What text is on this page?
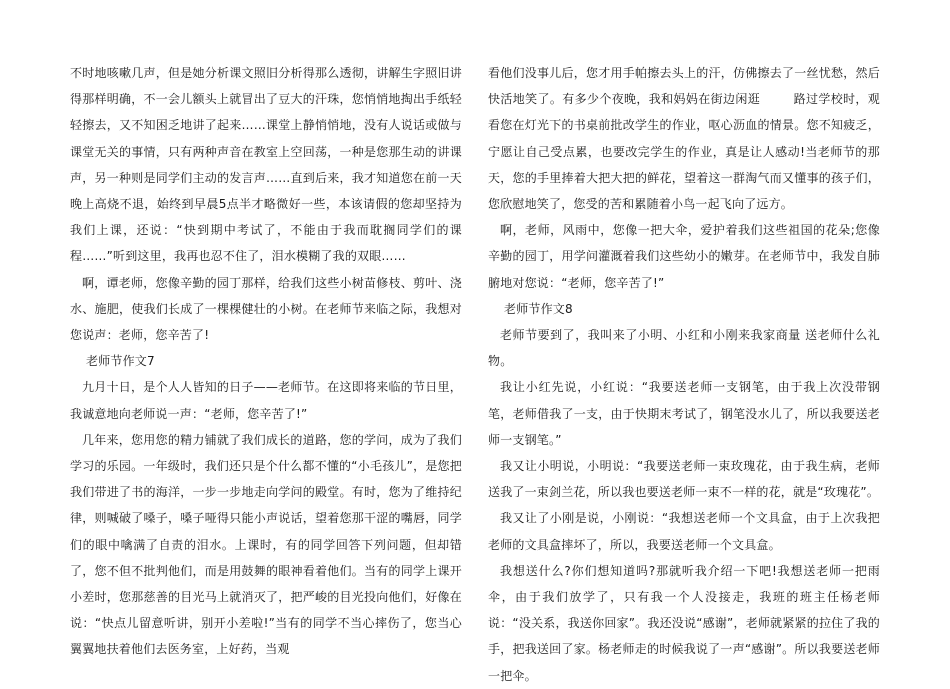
不时地咳嗽几声，但是她分析课文照旧分析得那么透彻，讲解生字照旧讲得那样明确，不一会儿额头上就冒出了豆大的汗珠，您悄悄地掏出手纸轻轻擦去，又不知困乏地讲了起来……课堂上静悄悄地，没有人说话或做与课堂无关的事情，只有两种声音在教室上空回荡，一种是您那生动的讲课声，另一种则是同学们主动的发言声……直到后来，我才知道您在前一天晚上高烧不退，始终到早晨5点半才略微好一些，本该请假的您却坚持为我们上课，还说：“快到期中考试了，不能由于我而耽搁同学们的课程……”听到这里，我再也忍不住了，泪水模糊了我的双眼……

啊，谭老师，您像辛勤的园丁那样，给我们这些小树苗修枝、剪叶、浇水、施肥，使我们长成了一棵棵健壮的小树。在老师节来临之际，我想对您说声：老师，您辛苦了!

老师节作文7

九月十日，是个人人皆知的日子——老师节。在这即将来临的节日里，我诚意地向老师说一声：“老师，您辛苦了!”

几年来，您用您的精力铺就了我们成长的道路，您的学问，成为了我们学习的乐园。一年级时，我们还只是个什么都不懂的“小毛孩儿”，是您把我们带进了书的海洋，一步一步地走向学问的殿堂。有时，您为了维持纪律，则喊破了嗓子，嗓子哑得只能小声说话，望着您那干涩的嘴唇，同学们的眼中噙满了自责的泪水。上课时，有的同学回答下列问题，但却错了，您不但不批判他们，而是用鼓舞的眼神看着他们。当有的同学上课开小差时，您那慈善的目光马上就消灭了，把严峻的目光投向他们，好像在说：“快点儿留意听讲，别开小差啦!”当有的同学不当心摔伤了，您当心翼翼地扶着他们去医务室，上好药，当观

看他们没事儿后，您才用手帕擦去头上的汗，仿佛擦去了一丝忧愁，然后快活地笑了。有多少个夜晚，我和妈妈在街边闲逛        路过学校时，观看您在灯光下的书桌前批改学生的作业，呕心沥血的情景。您不知疲乏，宁愿让自己受点累，也要改完学生的作业，真是让人感动!当老师节的那天，您的手里捧着大把大把的鲜花，望着这一群淘气而又懂事的孩子们，您欣慰地笑了，您受的苦和累随着小鸟一起飞向了远方。

啊，老师，风雨中，您像一把大伞，爱护着我们这些祖国的花朵;您像辛勤的园丁，用学问灌溉着我们这些幼小的嫩芽。在老师节中，我发自肺腑地对您说：“老师，您辛苦了!”

老师节作文8

老师节要到了，我叫来了小明、小红和小刚来我家商量 送老师什么礼物。

我让小红先说，小红说：“我要送老师一支钢笔，由于我上次没带钢笔，老师借我了一支，由于快期末考试了，钢笔没水儿了，所以我要送老师一支钢笔。”

我又让小明说，小明说：“我要送老师一束玫瑰花，由于我生病，老师送我了一束剑兰花，所以我也要送老师一束不一样的花，就是“玫瑰花”。

我又让了小刚是说，小刚说：“我想送老师一个文具盒，由于上次我把老师的文具盒摔坏了，所以，我要送老师一个文具盒。

我想送什么?你们想知道吗?那就听我介绍一下吧!我想送老师一把雨伞，由于我们放学了，只有我一个人没接走，我班的班主任杨老师说：“没关系，我送你回家”。我还没说“感谢”，老师就紧紧的拉住了我的手，把我送回了家。杨老师走的时候我说了一声“感谢”。所以我要送老师一把伞。
